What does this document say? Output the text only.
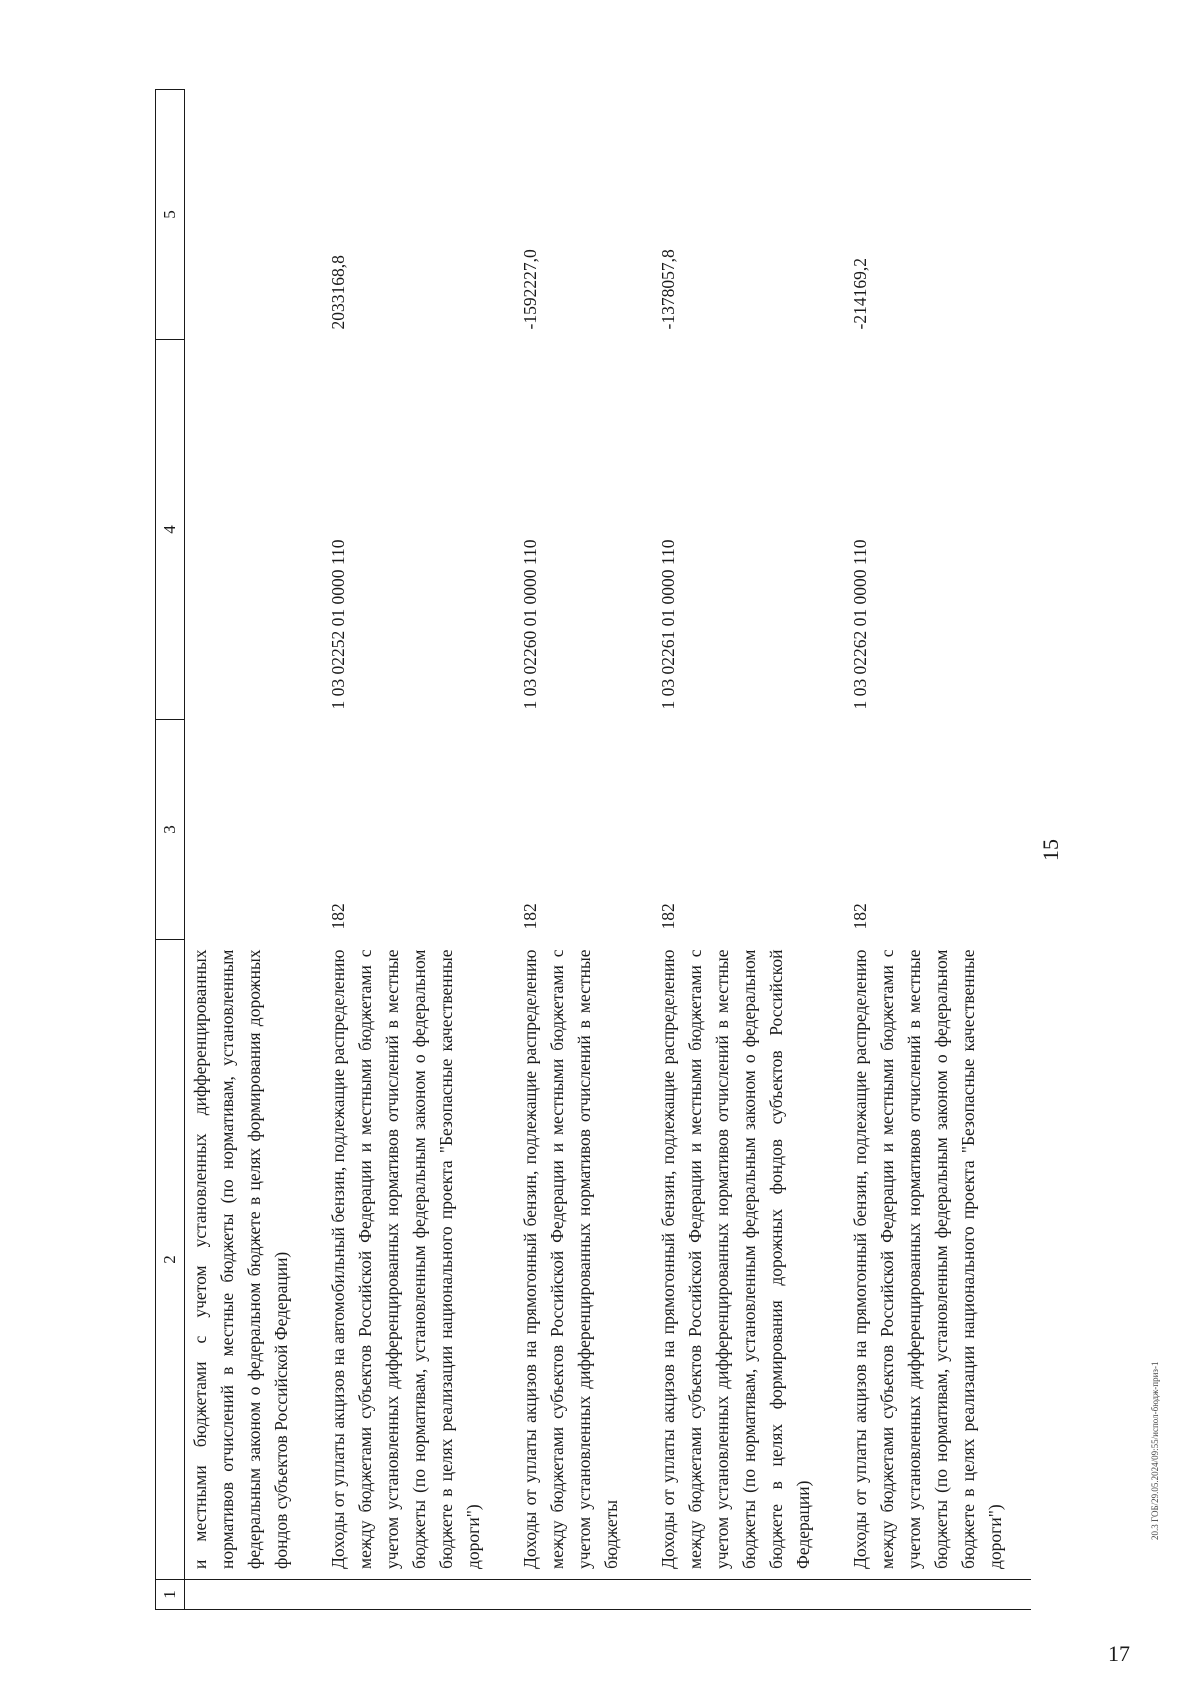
1	2	3	4	5
	и местными бюджетами с учетом установленных дифференцированных нормативов отчислений в местные бюджеты (по нормативам, установленным федеральным законом о федеральном бюджете в целях формирования дорожных фондов субъектов Российской Федерации)			
	Доходы от уплаты акцизов на автомобильный бензин, подлежащие распределению между бюджетами субъектов Российской Федерации и местными бюджетами с учетом установленных дифференцированных нормативов отчислений в местные бюджеты (по нормативам, установленным федеральным законом о федеральном бюджете в целях реализации национального проекта "Безопасные качественные дороги")	182	1 03 02252 01 0000 110	2033168,8
	Доходы от уплаты акцизов на прямогонный бензин, подлежащие распределению между бюджетами субъектов Российской Федерации и местными бюджетами с учетом установленных дифференцированных нормативов отчислений в местные бюджеты	182	1 03 02260 01 0000 110	-1592227,0
	Доходы от уплаты акцизов на прямогонный бензин, подлежащие распределению между бюджетами субъектов Российской Федерации и местными бюджетами с учетом установленных дифференцированных нормативов отчислений в местные бюджеты (по нормативам, установленным федеральным законом о федеральном бюджете в целях формирования дорожных фондов субъектов Российской Федерации)	182	1 03 02261 01 0000 110	-1378057,8
	Доходы от уплаты акцизов на прямогонный бензин, подлежащие распределению между бюджетами субъектов Российской Федерации и местными бюджетами с учетом установленных дифференцированных нормативов отчислений в местные бюджеты (по нормативам, установленным федеральным законом о федеральном бюджете в целях реализации национального проекта "Безопасные качественные дороги")	182	1 03 02262 01 0000 110	-214169,2
15
20.3 ГОБ/29.05.2024/09:55/испол-бюдж-приз-1
17
